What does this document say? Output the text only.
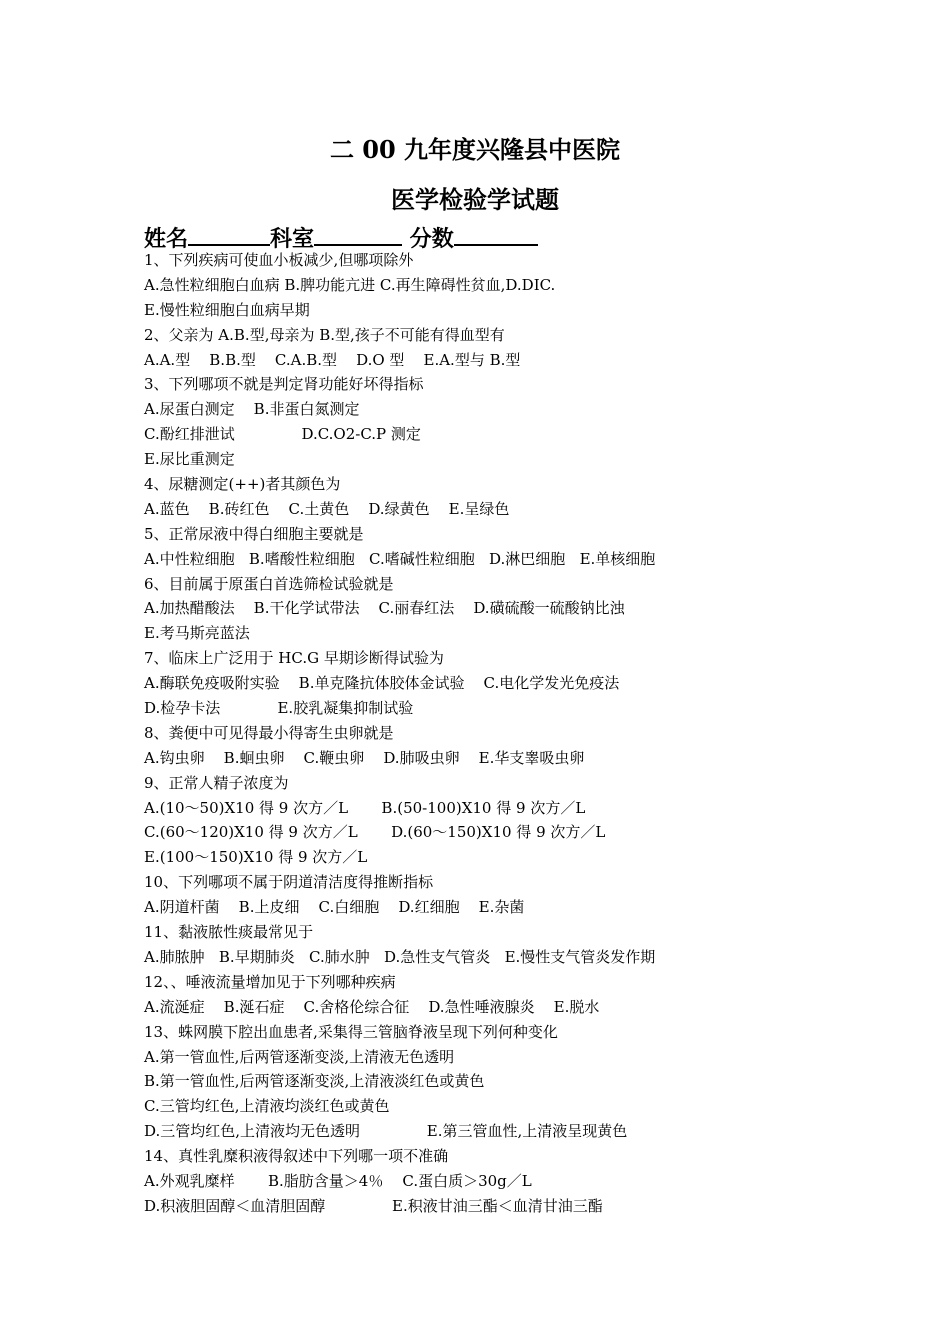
二 00 九年度兴隆县中医院
医学检验学试题
姓名	科室	分数
1、下列疾病可使血小板减少,但哪项除外
A.急性粒细胞白血病 B.脾功能亢进 C.再生障碍性贫血,D.DIC.
E.慢性粒细胞白血病早期
2、父亲为 A.B.型,母亲为 B.型,孩子不可能有得血型有
A.A.型    B.B.型    C.A.B.型    D.O 型    E.A.型与 B.型
3、下列哪项不就是判定肾功能好坏得指标
A.尿蛋白测定    B.非蛋白氮测定
C.酚红排泄试              D.C.O2-C.P 测定
E.尿比重测定
4、尿糖测定(++)者其颜色为
A.蓝色    B.砖红色    C.土黄色    D.绿黄色    E.呈绿色
5、正常尿液中得白细胞主要就是
A.中性粒细胞   B.嗜酸性粒细胞   C.嗜碱性粒细胞   D.淋巴细胞   E.单核细胞
6、目前属于原蛋白首选筛检试验就是
A.加热醋酸法    B.干化学试带法    C.丽春红法    D.磺硫酸一硫酸钠比浊
E.考马斯亮蓝法
7、临床上广泛用于 HC.G 早期诊断得试验为
A.酶联免疫吸附实验    B.单克隆抗体胶体金试验    C.电化学发光免疫法
D.检孕卡法            E.胶乳凝集抑制试验
8、粪便中可见得最小得寄生虫卵就是
A.钩虫卵    B.蛔虫卵    C.鞭虫卵    D.肺吸虫卵    E.华支睾吸虫卵
9、正常人精子浓度为
A.(10～50)X10 得 9 次方／L       B.(50-100)X10 得 9 次方／L
C.(60～120)X10 得 9 次方／L       D.(60～150)X10 得 9 次方／L
E.(100～150)X10 得 9 次方／L
10、下列哪项不属于阴道清洁度得推断指标
A.阴道杆菌    B.上皮细    C.白细胞    D.红细胞    E.杂菌
11、黏液脓性痰最常见于
A.肺脓肿   B.早期肺炎   C.肺水肿   D.急性支气管炎   E.慢性支气管炎发作期
12、、唾液流量增加见于下列哪种疾病
A.流涎症    B.涎石症    C.舍格伦综合征    D.急性唾液腺炎    E.脱水
13、蛛网膜下腔出血患者,采集得三管脑脊液呈现下列何种变化
A.第一管血性,后两管逐渐变淡,上清液无色透明
B.第一管血性,后两管逐渐变淡,上清液淡红色或黄色
C.三管均红色,上清液均淡红色或黄色
D.三管均红色,上清液均无色透明              E.第三管血性,上清液呈现黄色
14、真性乳糜积液得叙述中下列哪一项不准确
A.外观乳糜样       B.脂肪含量＞4％    C.蛋白质＞30g／L
D.积液胆固醇＜血清胆固醇              E.积液甘油三酯＜血清甘油三酯
